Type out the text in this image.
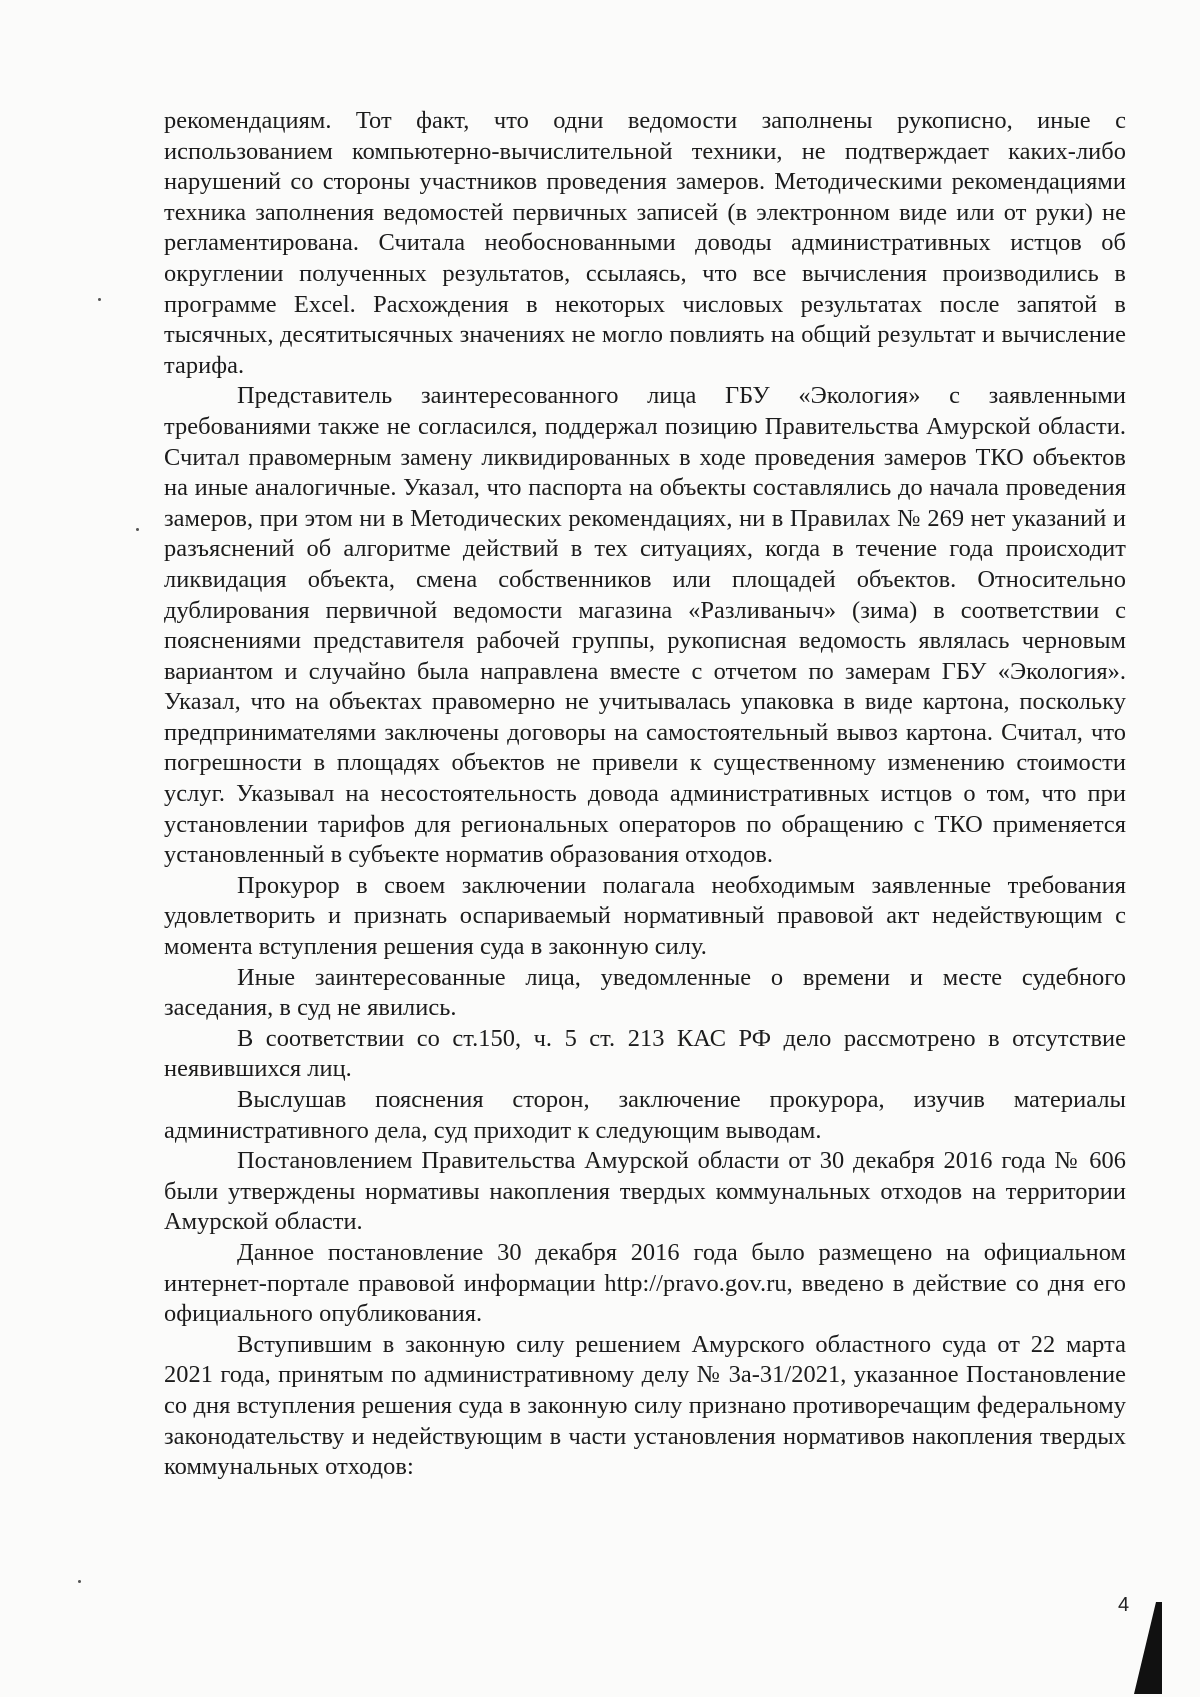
рекомендациям. Тот факт, что одни ведомости заполнены рукописно, иные с использованием компьютерно-вычислительной техники, не подтверждает каких-либо нарушений со стороны участников проведения замеров. Методическими рекомендациями техника заполнения ведомостей первичных записей (в электронном виде или от руки) не регламентирована. Считала необоснованными доводы административных истцов об округлении полученных результатов, ссылаясь, что все вычисления производились в программе Excel. Расхождения в некоторых числовых результатах после запятой в тысячных, десятитысячных значениях не могло повлиять на общий результат и вычисление тарифа.

Представитель заинтересованного лица ГБУ «Экология» с заявленными требованиями также не согласился, поддержал позицию Правительства Амурской области. Считал правомерным замену ликвидированных в ходе проведения замеров ТКО объектов на иные аналогичные. Указал, что паспорта на объекты составлялись до начала проведения замеров, при этом ни в Методических рекомендациях, ни в Правилах № 269 нет указаний и разъяснений об алгоритме действий в тех ситуациях, когда в течение года происходит ликвидация объекта, смена собственников или площадей объектов. Относительно дублирования первичной ведомости магазина «Разливаныч» (зима) в соответствии с пояснениями представителя рабочей группы, рукописная ведомость являлась черновым вариантом и случайно была направлена вместе с отчетом по замерам ГБУ «Экология». Указал, что на объектах правомерно не учитывалась упаковка в виде картона, поскольку предпринимателями заключены договоры на самостоятельный вывоз картона. Считал, что погрешности в площадях объектов не привели к существенному изменению стоимости услуг. Указывал на несостоятельность довода административных истцов о том, что при установлении тарифов для региональных операторов по обращению с ТКО применяется установленный в субъекте норматив образования отходов.

Прокурор в своем заключении полагала необходимым заявленные требования удовлетворить и признать оспариваемый нормативный правовой акт недействующим с момента вступления решения суда в законную силу.

Иные заинтересованные лица, уведомленные о времени и месте судебного заседания, в суд не явились.

В соответствии со ст.150, ч. 5 ст. 213 КАС РФ дело рассмотрено в отсутствие неявившихся лиц.

Выслушав пояснения сторон, заключение прокурора, изучив материалы административного дела, суд приходит к следующим выводам.

Постановлением Правительства Амурской области от 30 декабря 2016 года № 606 были утверждены нормативы накопления твердых коммунальных отходов на территории Амурской области.

Данное постановление 30 декабря 2016 года было размещено на официальном интернет-портале правовой информации http://pravo.gov.ru, введено в действие со дня его официального опубликования.

Вступившим в законную силу решением Амурского областного суда от 22 марта 2021 года, принятым по административному делу № 3а-31/2021, указанное Постановление со дня вступления решения суда в законную силу признано противоречащим федеральному законодательству и недействующим в части установления нормативов накопления твердых коммунальных отходов:

4
